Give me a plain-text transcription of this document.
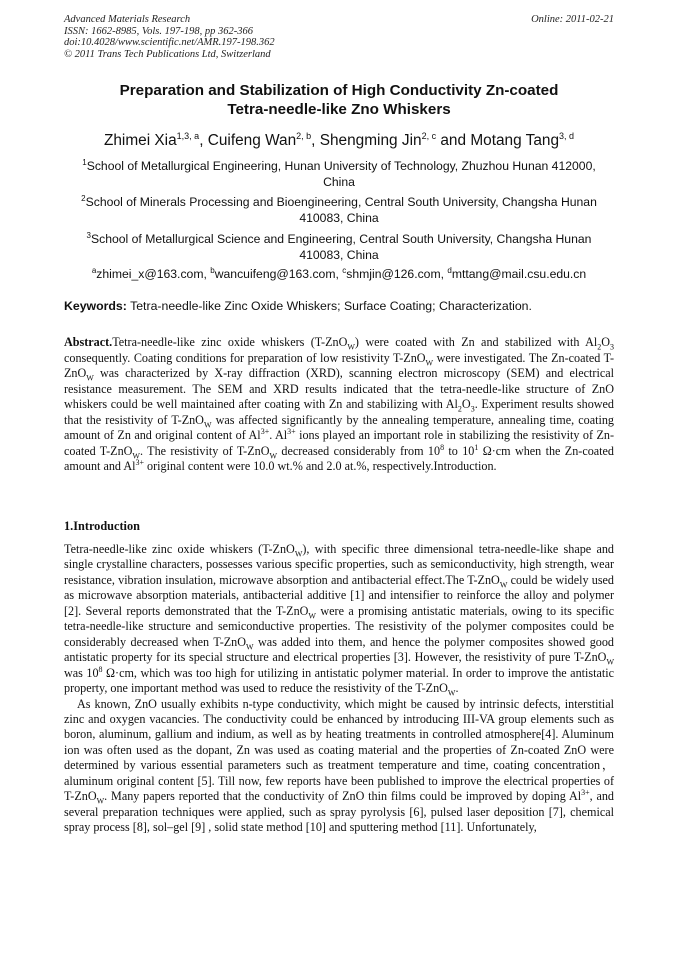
Advanced Materials Research
ISSN: 1662-8985, Vols. 197-198, pp 362-366
doi:10.4028/www.scientific.net/AMR.197-198.362
© 2011 Trans Tech Publications Ltd, Switzerland
Online: 2011-02-21
Preparation and Stabilization of High Conductivity Zn-coated
Tetra-needle-like Zno Whiskers
Zhimei Xia$^{1,3, a}$, Cuifeng Wan$^{2, b}$, Shengming Jin$^{2, c}$ and Motang Tang$^{3, d}$
$^1$School of Metallurgical Engineering, Hunan University of Technology, Zhuzhou Hunan 412000,
China
$^2$School of Minerals Processing and Bioengineering, Central South University, Changsha Hunan
410083, China
$^3$School of Metallurgical Science and Engineering, Central South University, Changsha Hunan
410083, China
$^a$zhimei_x@163.com, $^b$wancuifeng@163.com, $^c$shmjin@126.com, $^d$mttang@mail.csu.edu.cn
Keywords: Tetra-needle-like Zinc Oxide Whiskers; Surface Coating; Characterization.
Abstract.Tetra-needle-like zinc oxide whiskers (T-ZnO$_W$) were coated with Zn and stabilized with $Al_2O_3$ consequently. Coating conditions for preparation of low resistivity T-ZnO$_W$ were investigated. The Zn-coated T-ZnO$_W$ was characterized by X-ray diffraction (XRD), scanning electron microscopy (SEM) and electrical resistance measurement. The SEM and XRD results indicated that the tetra-needle-like structure of ZnO whiskers could be well maintained after coating with Zn and stabilizing with $Al_2O_3$. Experiment results showed that the resistivity of T-ZnO$_W$ was affected significantly by the annealing temperature, annealing time, coating amount of Zn and original content of $Al^{3+}$. $Al^{3+}$ ions played an important role in stabilizing the resistivity of Zn-coated T-ZnO$_W$. The resistivity of T-ZnO$_W$ decreased considerably from $10^8$ to $10^1$ Ω·cm when the Zn-coated amount and $Al^{3+}$ original content were 10.0 wt.% and 2.0 at.%, respectively.Introduction.
1.Introduction

Tetra-needle-like zinc oxide whiskers (T-ZnO$_W$), with specific three dimensional tetra-needle-like shape and single crystalline characters, possesses various specific properties, such as semiconductivity, high strength, wear resistance, vibration insulation, microwave absorption and antibacterial effect.The T-ZnO$_W$ could be widely used as microwave absorption materials, antibacterial additive [1] and intensifier to reinforce the alloy and polymer [2]. Several reports demonstrated that the T-ZnO$_W$ were a promising antistatic materials, owing to its specific tetra-needle-like structure and semiconductive properties. The resistivity of the polymer composites could be considerably decreased when T-ZnO$_W$ was added into them, and hence the polymer composites showed good antistatic property for its special structure and electrical properties [3]. However, the resistivity of pure T-ZnO$_W$ was $10^8$ Ω·cm, which was too high for utilizing in antistatic polymer material. In order to improve the antistatic property, one important method was used to reduce the resistivity of the T-ZnO$_W$.

As known, ZnO usually exhibits n-type conductivity, which might be caused by intrinsic defects, interstitial zinc and oxygen vacancies. The conductivity could be enhanced by introducing III-VA group elements such as boron, aluminum, gallium and indium, as well as by heating treatments in controlled atmosphere[4]. Aluminum ion was often used as the dopant, Zn was used as coating material and the properties of Zn-coated ZnO were determined by various essential parameters such as treatment temperature and time, coating concentration，aluminum original content [5]. Till now, few reports have been published to improve the electrical properties of T-ZnO$_W$. Many papers reported that the conductivity of ZnO thin films could be improved by doping $Al^{3+}$, and several preparation techniques were applied, such as spray pyrolysis [6], pulsed laser deposition [7], chemical spray process [8], sol–gel [9] , solid state method [10] and sputtering method [11]. Unfortunately,
